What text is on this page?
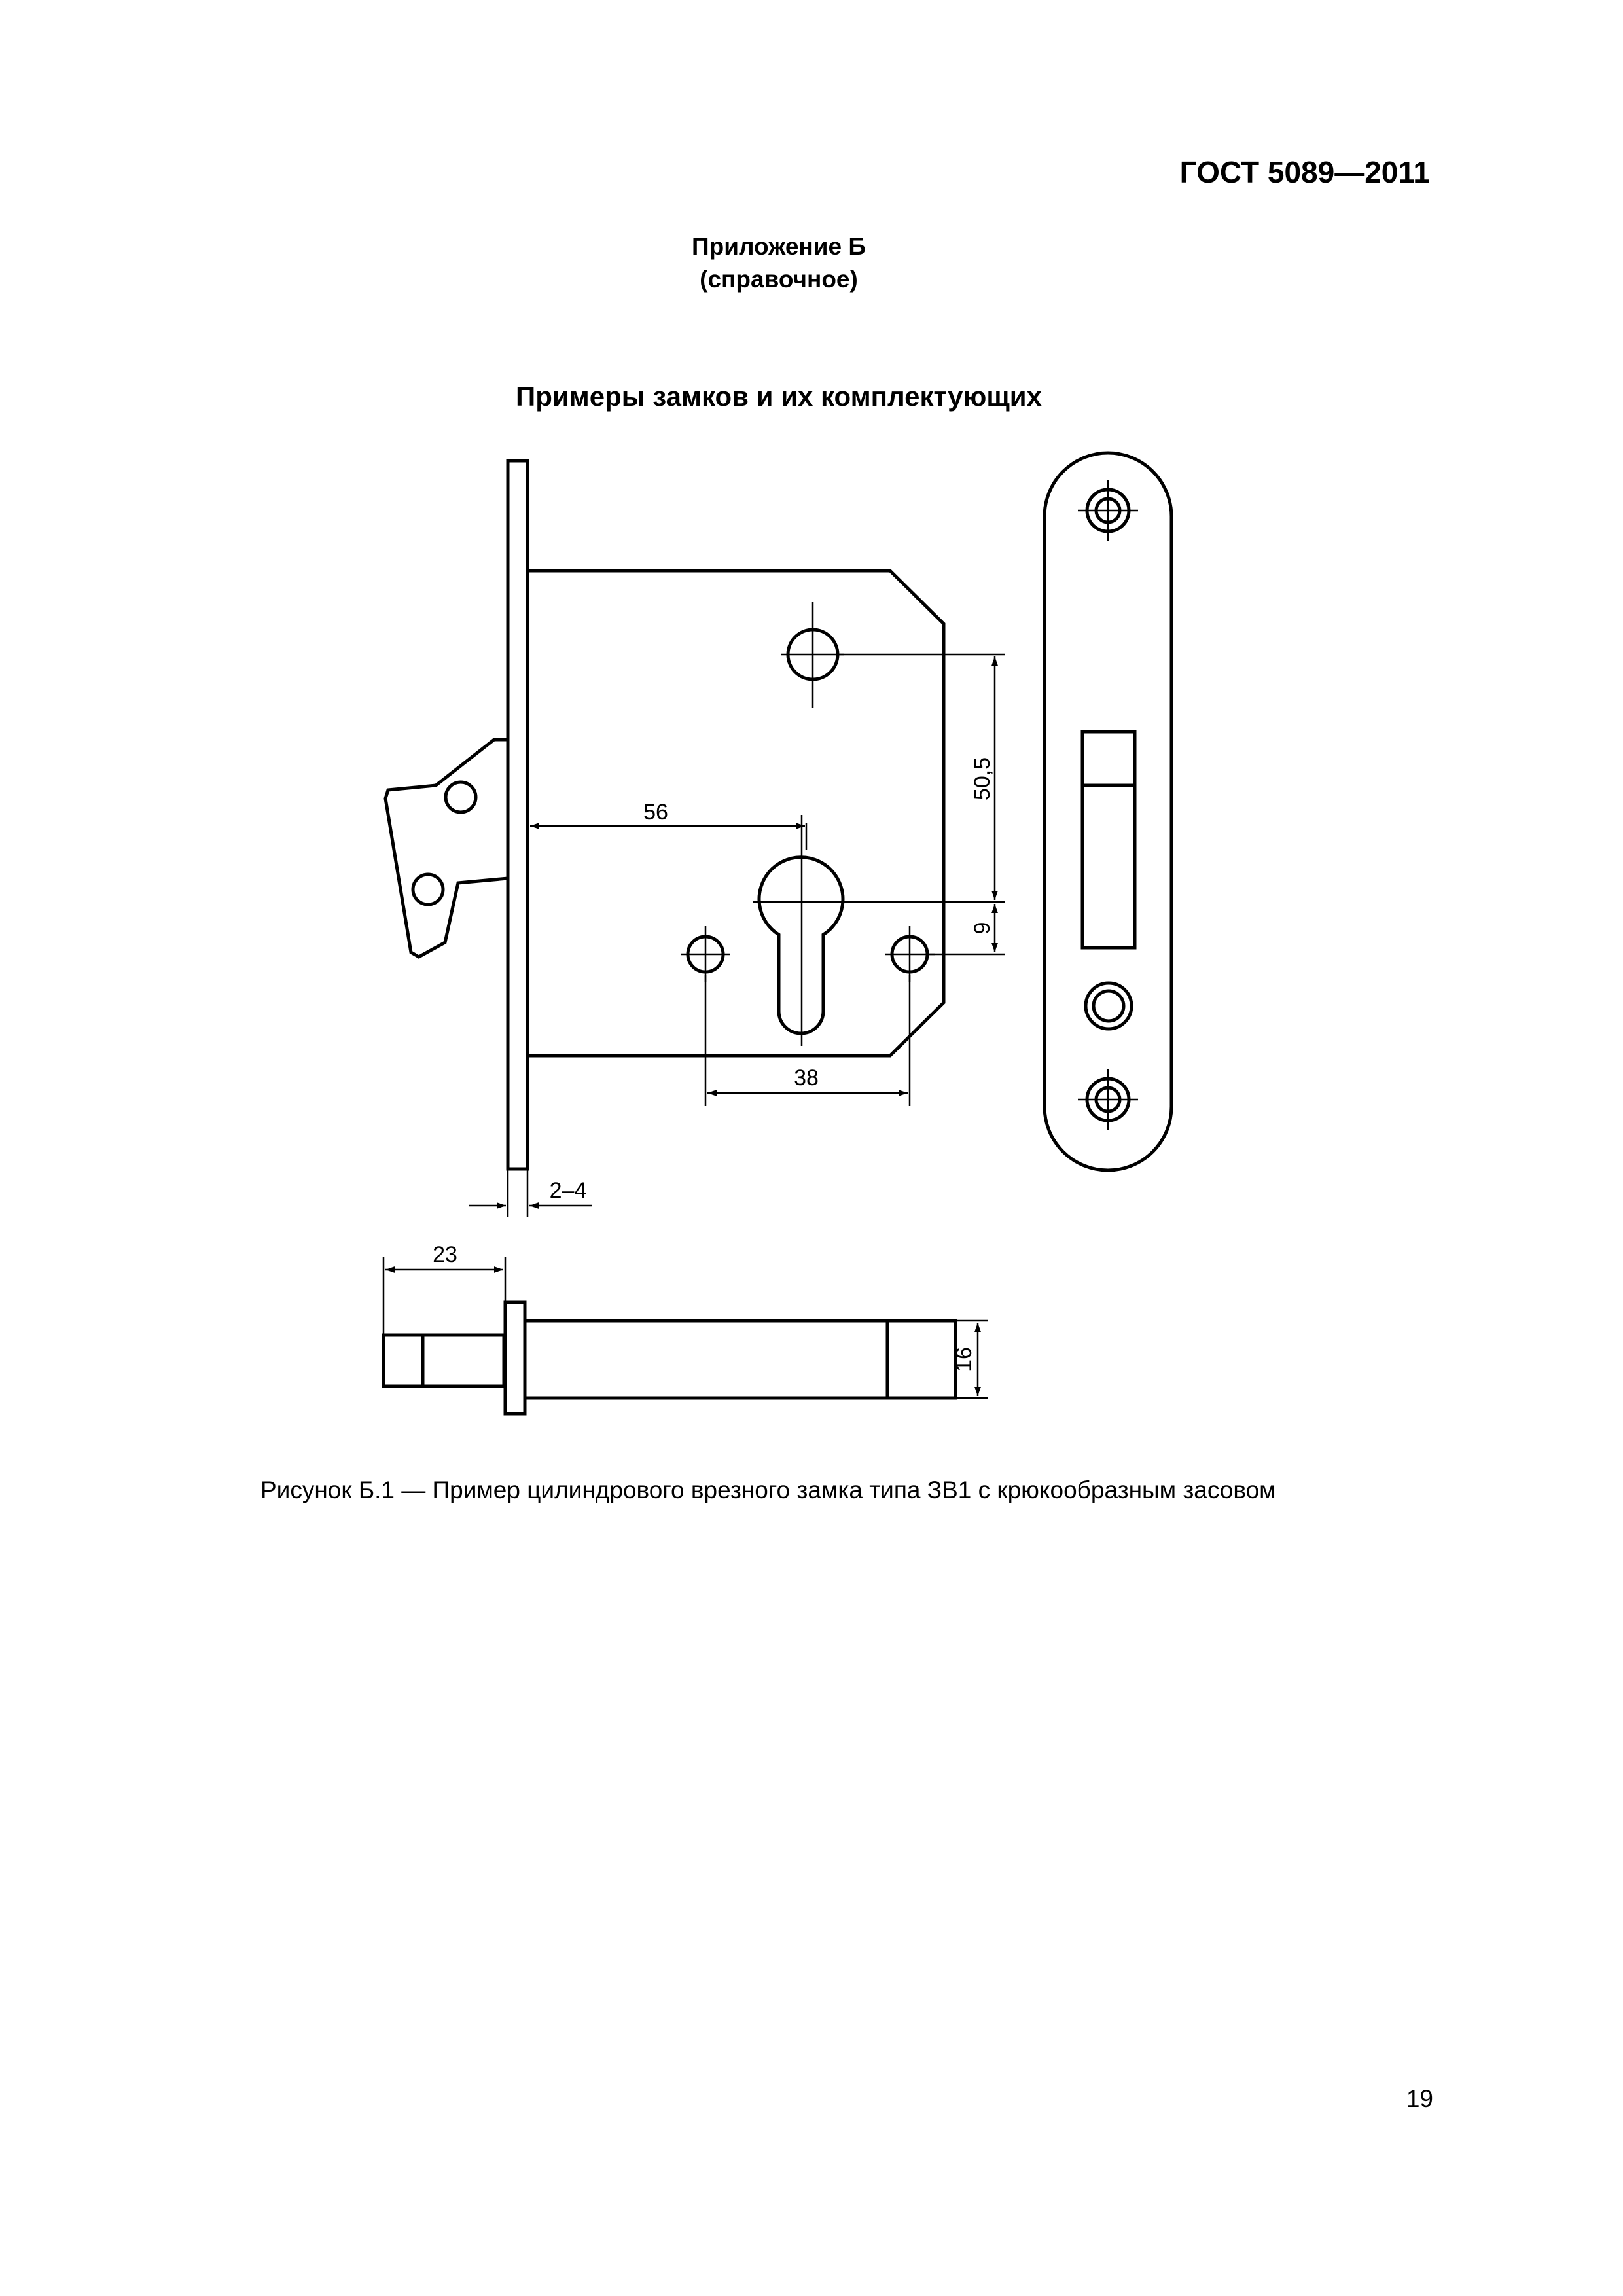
ГОСТ 5089—2011
Приложение Б
(справочное)
Примеры замков и их комплектующих
56
50,5
9
38
2–4
23
16
Рисунок Б.1 — Пример цилиндрового врезного замка типа ЗВ1 с крюкообразным засовом
19
